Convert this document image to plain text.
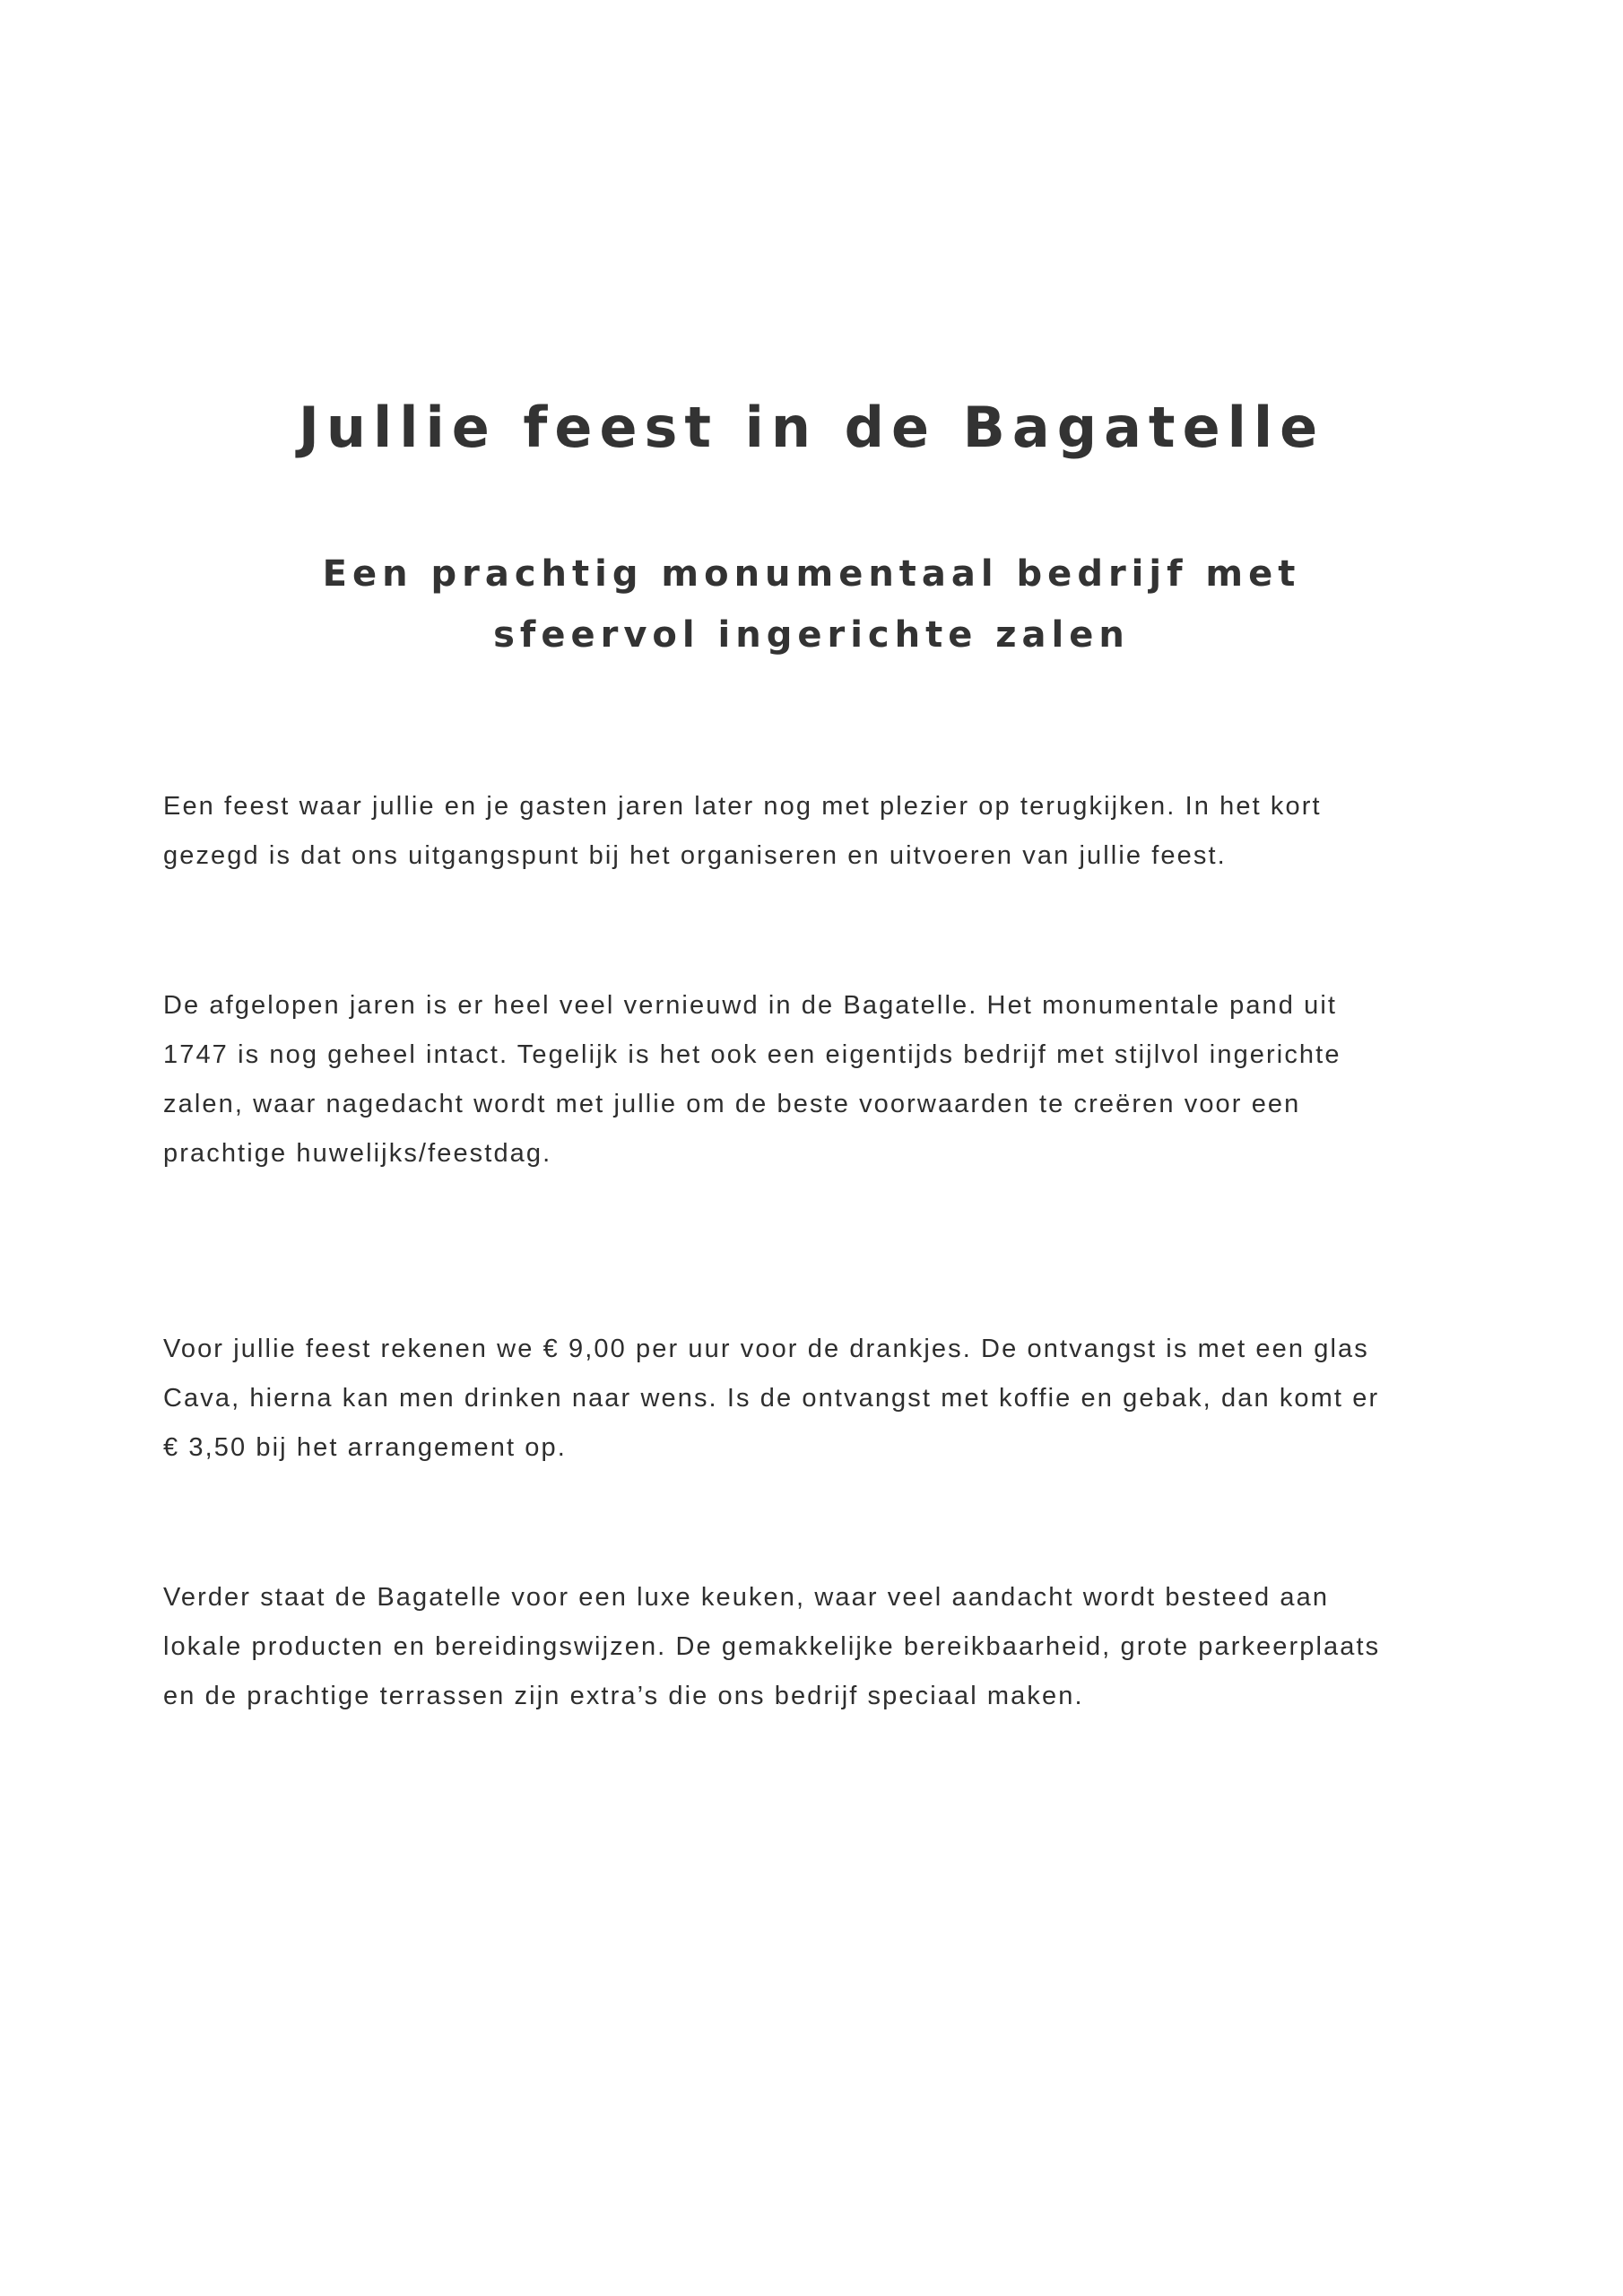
Jullie feest in de Bagatelle
Een prachtig monumentaal bedrijf met
sfeervol ingerichte zalen

Een feest waar jullie en je gasten jaren later nog met plezier op terugkijken. In het kort
gezegd is dat ons uitgangspunt bij het organiseren en uitvoeren van jullie feest.

De afgelopen jaren is er heel veel vernieuwd in de Bagatelle. Het monumentale pand uit
1747 is nog geheel intact. Tegelijk is het ook een eigentijds bedrijf met stijlvol ingerichte
zalen, waar nagedacht wordt met jullie om de beste voorwaarden te creëren voor een
prachtige huwelijks/feestdag.

Voor jullie feest rekenen we € 9,00 per uur voor de drankjes. De ontvangst is met een glas
Cava, hierna kan men drinken naar wens. Is de ontvangst met koffie en gebak, dan komt er
€ 3,50 bij het arrangement op.

Verder staat de Bagatelle voor een luxe keuken, waar veel aandacht wordt besteed aan
lokale producten en bereidingswijzen. De gemakkelijke bereikbaarheid, grote parkeerplaats
en de prachtige terrassen zijn extra’s die ons bedrijf speciaal maken.
